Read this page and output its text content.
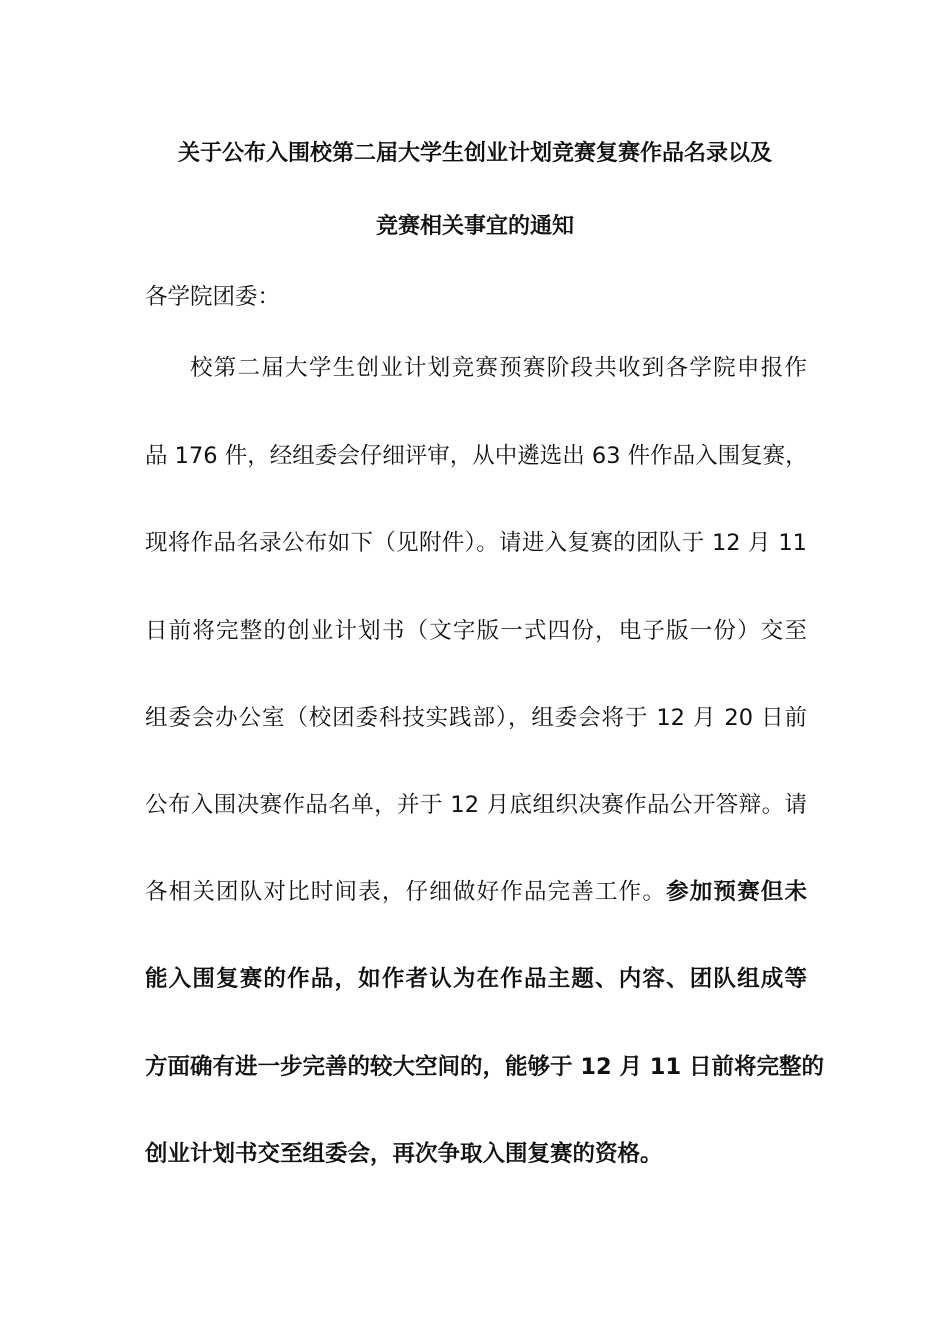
关于公布入围校第二届大学生创业计划竞赛复赛作品名录以及
竞赛相关事宜的通知
各学院团委：
校第二届大学生创业计划竞赛预赛阶段共收到各学院申报作
品 176 件，经组委会仔细评审，从中遴选出 63 件作品入围复赛，
现将作品名录公布如下（见附件）。请进入复赛的团队于 12 月 11
日前将完整的创业计划书（文字版一式四份，电子版一份）交至
组委会办公室（校团委科技实践部），组委会将于 12 月 20 日前
公布入围决赛作品名单，并于 12 月底组织决赛作品公开答辩。请
各相关团队对比时间表，仔细做好作品完善工作。参加预赛但未
能入围复赛的作品，如作者认为在作品主题、内容、团队组成等
方面确有进一步完善的较大空间的，能够于 12 月 11 日前将完整的
创业计划书交至组委会，再次争取入围复赛的资格。
